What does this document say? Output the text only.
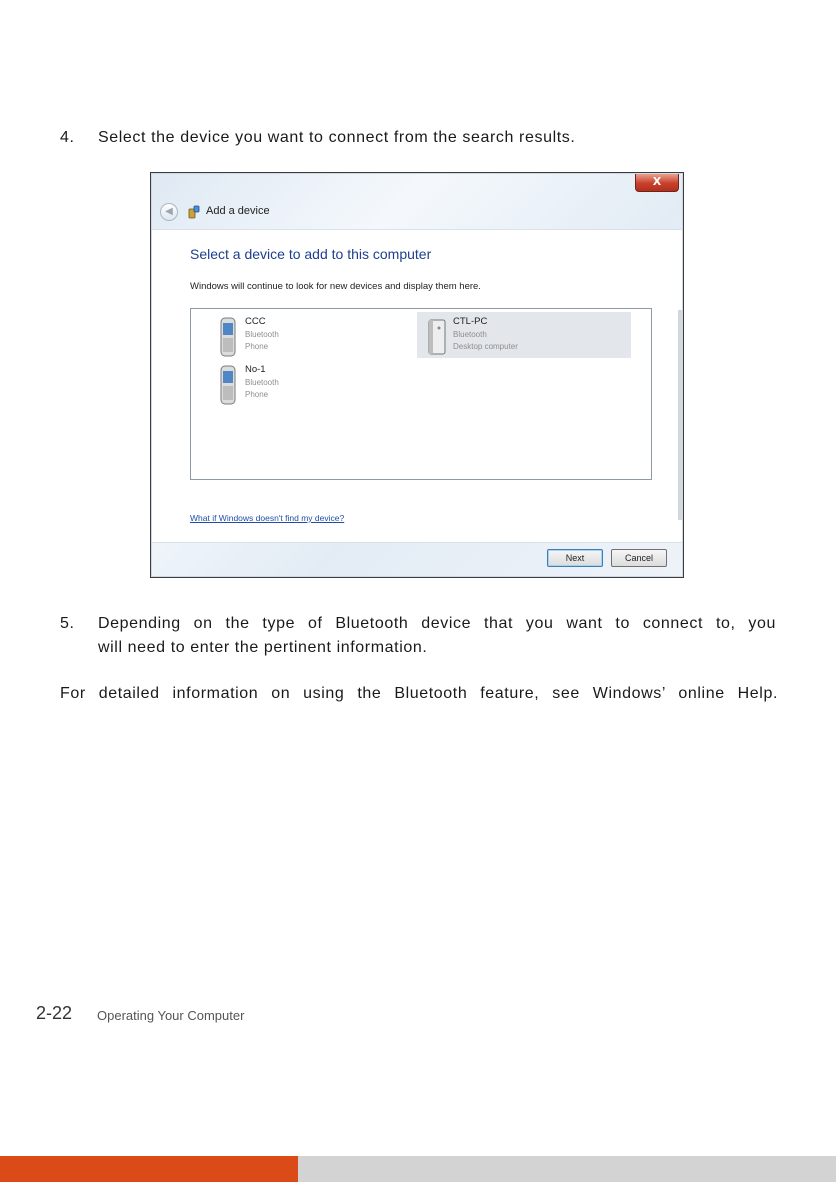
4. Select the device you want to connect from the search results.
X
◀	Add a device
Select a device to add to this computer
Windows will continue to look for new devices and display them here.
CCC
Bluetooth
Phone
CTL-PC
Bluetooth
Desktop computer
No-1
Bluetooth
Phone
What if Windows doesn't find my device?
Next	Cancel
5. Depending on the type of Bluetooth device that you want to connect to, you
will need to enter the pertinent information.
For detailed information on using the Bluetooth feature, see Windows’ online Help.
2-22 Operating Your Computer
